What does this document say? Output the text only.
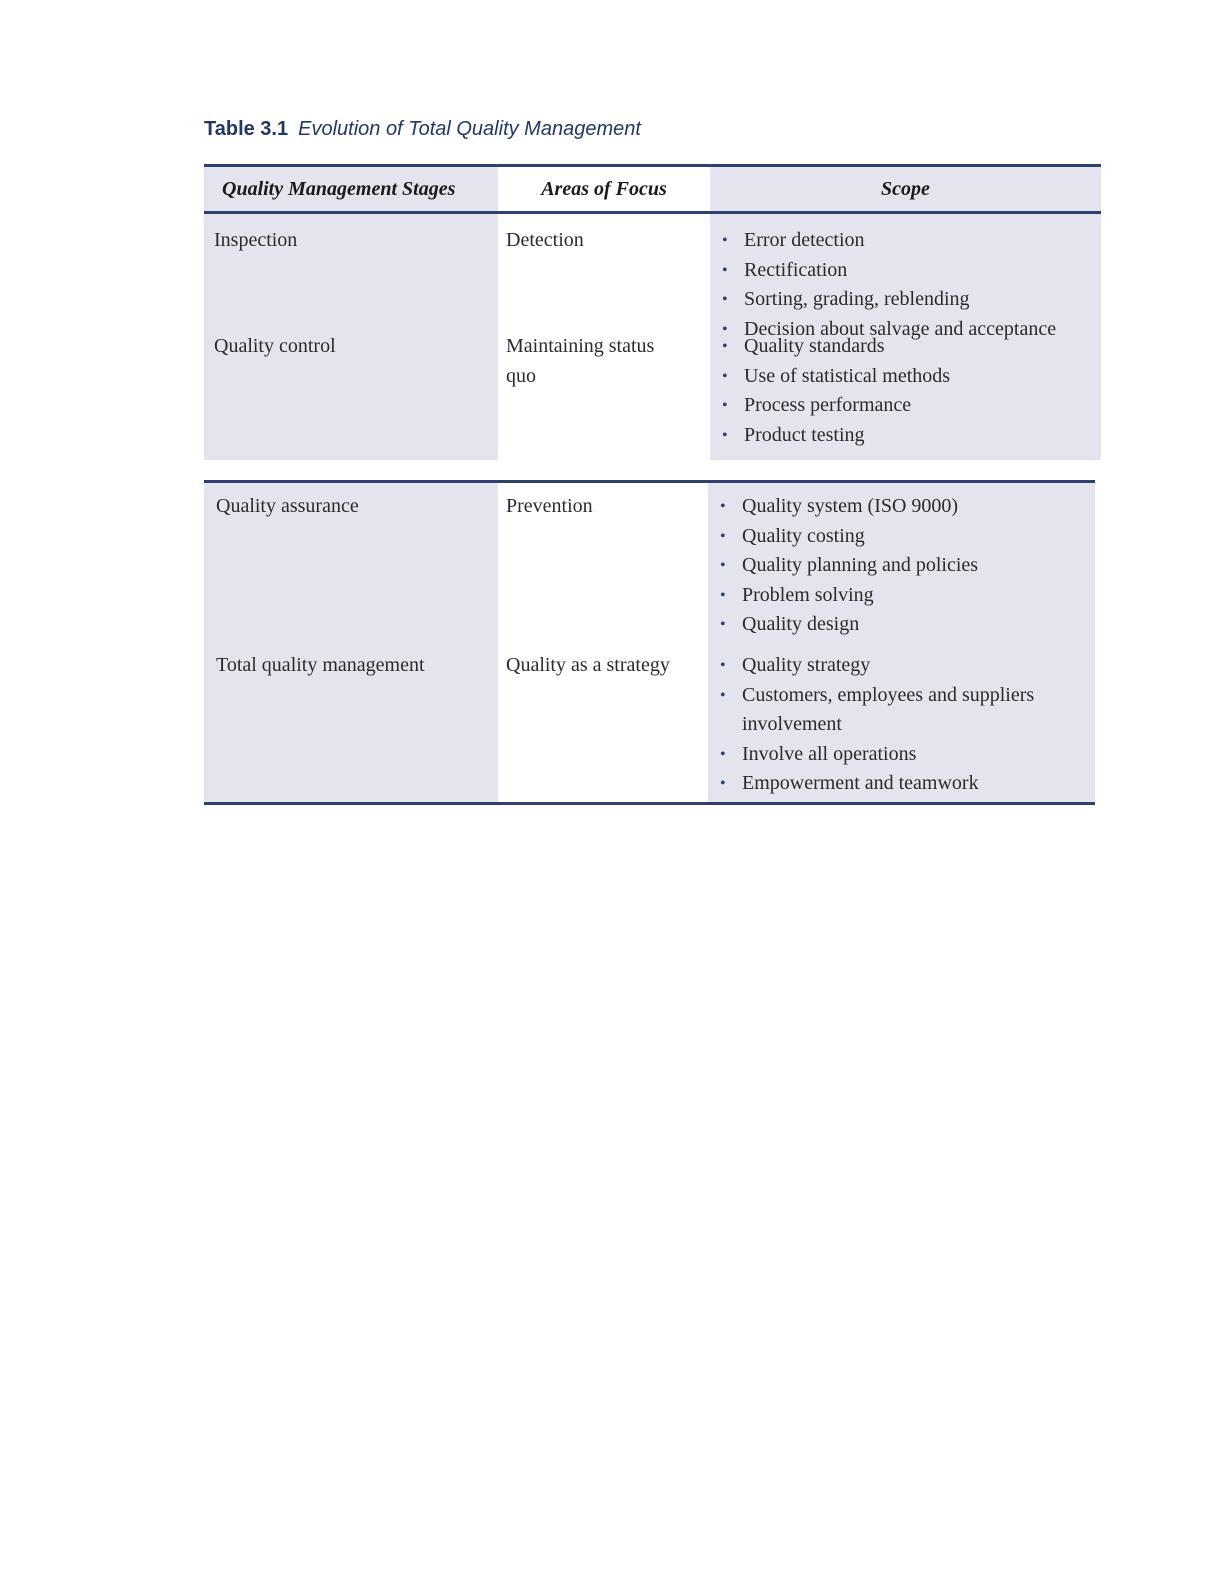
Table 3.1 Evolution of Total Quality Management
Quality Management Stages	Areas of Focus	Scope
Inspection	Detection	• Error detection
• Rectification
• Sorting, grading, reblending
• Decision about salvage and acceptance
Quality control	Maintaining status quo
• Quality standards
• Use of statistical methods
• Process performance
• Product testing
Quality assurance	Prevention	• Quality system (ISO 9000)
• Quality costing
• Quality planning and policies
• Problem solving
• Quality design
Total quality management	Quality as a strategy	• Quality strategy
• Customers, employees and suppliers involvement
• Involve all operations
• Empowerment and teamwork
